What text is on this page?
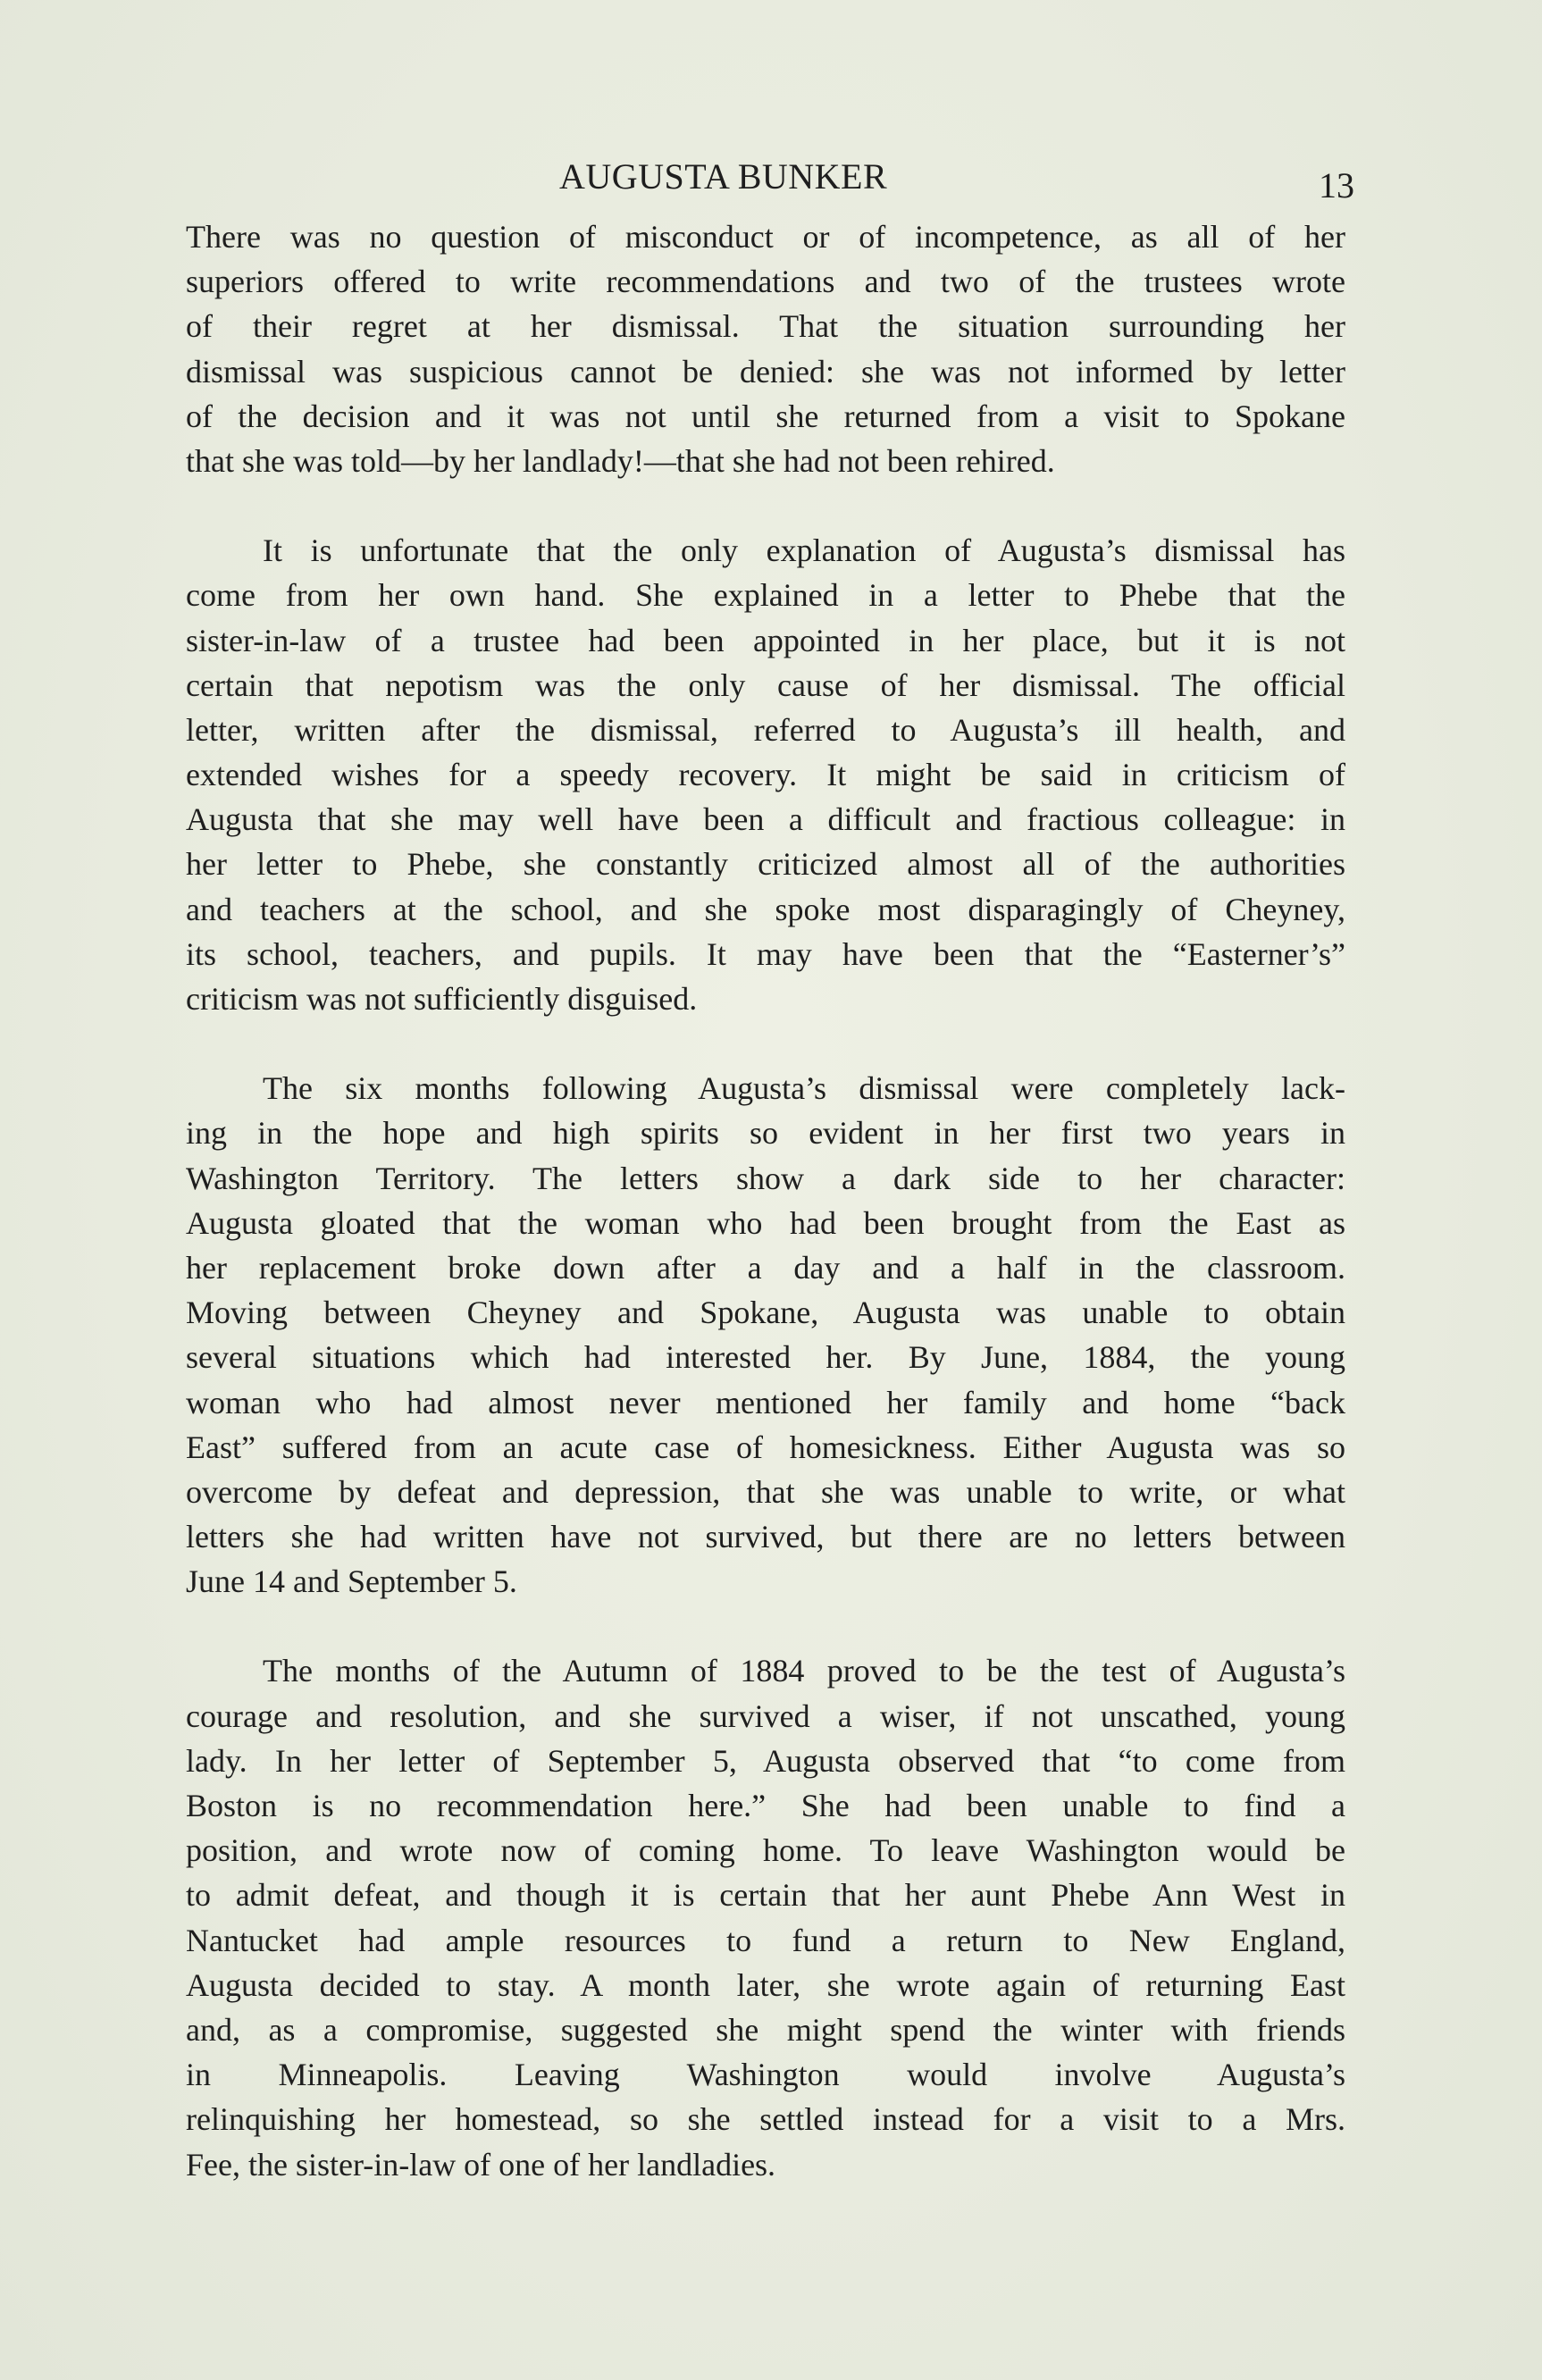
AUGUSTA BUNKER	13
There was no question of misconduct or of incompetence, as all of her
superiors offered to write recommendations and two of the trustees wrote
of their regret at her dismissal. That the situation surrounding her
dismissal was suspicious cannot be denied: she was not informed by letter
of the decision and it was not until she returned from a visit to Spokane
that she was told—by her landlady!—that she had not been rehired.
It is unfortunate that the only explanation of Augusta’s dismissal has
come from her own hand. She explained in a letter to Phebe that the
sister-in-law of a trustee had been appointed in her place, but it is not
certain that nepotism was the only cause of her dismissal. The official
letter, written after the dismissal, referred to Augusta’s ill health, and
extended wishes for a speedy recovery. It might be said in criticism of
Augusta that she may well have been a difficult and fractious colleague: in
her letter to Phebe, she constantly criticized almost all of the authorities
and teachers at the school, and she spoke most disparagingly of Cheyney,
its school, teachers, and pupils. It may have been that the “Easterner’s”
criticism was not sufficiently disguised.
The six months following Augusta’s dismissal were completely lack-
ing in the hope and high spirits so evident in her first two years in
Washington Territory. The letters show a dark side to her character:
Augusta gloated that the woman who had been brought from the East as
her replacement broke down after a day and a half in the classroom.
Moving between Cheyney and Spokane, Augusta was unable to obtain
several situations which had interested her. By June, 1884, the young
woman who had almost never mentioned her family and home “back
East” suffered from an acute case of homesickness. Either Augusta was so
overcome by defeat and depression, that she was unable to write, or what
letters she had written have not survived, but there are no letters between
June 14 and September 5.
The months of the Autumn of 1884 proved to be the test of Augusta’s
courage and resolution, and she survived a wiser, if not unscathed, young
lady. In her letter of September 5, Augusta observed that “to come from
Boston is no recommendation here.” She had been unable to find a
position, and wrote now of coming home. To leave Washington would be
to admit defeat, and though it is certain that her aunt Phebe Ann West in
Nantucket had ample resources to fund a return to New England,
Augusta decided to stay. A month later, she wrote again of returning East
and, as a compromise, suggested she might spend the winter with friends
in Minneapolis. Leaving Washington would involve Augusta’s
relinquishing her homestead, so she settled instead for a visit to a Mrs.
Fee, the sister-in-law of one of her landladies.
